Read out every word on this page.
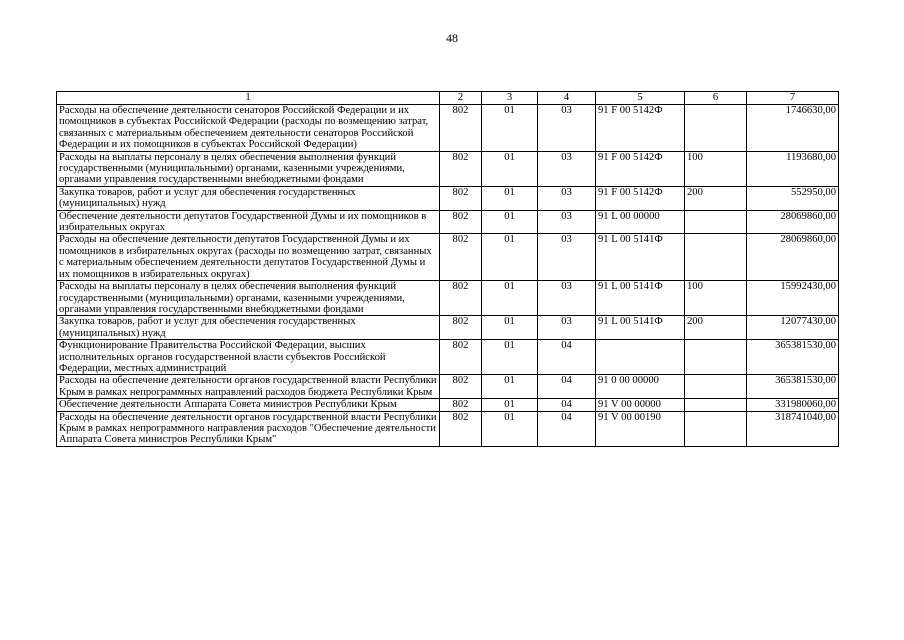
48
1	2	3	4	5	6	7
Расходы на обеспечение деятельности сенаторов Российской Федерации и их помощников в субъектах Российской Федерации (расходы по возмещению затрат, связанных с материальным обеспечением деятельности сенаторов Российской Федерации и их помощников в субъектах Российской Федерации)	802	01	03	91 F 00 5142Ф		1746630,00
Расходы на выплаты персоналу в целях обеспечения выполнения функций государственными (муниципальными) органами, казенными учреждениями, органами управления государственными внебюджетными фондами	802	01	03	91 F 00 5142Ф	100	1193680,00
Закупка товаров, работ и услуг для обеспечения государственных (муниципальных) нужд	802	01	03	91 F 00 5142Ф	200	552950,00
Обеспечение деятельности депутатов Государственной Думы и их помощников в избирательных округах	802	01	03	91 L 00 00000		28069860,00
Расходы на обеспечение деятельности депутатов Государственной Думы и их помощников в избирательных округах (расходы по возмещению затрат, связанных с материальным обеспечением деятельности депутатов Государственной Думы и их помощников в избирательных округах)	802	01	03	91 L 00 5141Ф		28069860,00
Расходы на выплаты персоналу в целях обеспечения выполнения функций государственными (муниципальными) органами, казенными учреждениями, органами управления государственными внебюджетными фондами	802	01	03	91 L 00 5141Ф	100	15992430,00
Закупка товаров, работ и услуг для обеспечения государственных (муниципальных) нужд	802	01	03	91 L 00 5141Ф	200	12077430,00
Функционирование Правительства Российской Федерации, высших исполнительных органов государственной власти субъектов Российской Федерации, местных администраций	802	01	04			365381530,00
Расходы на обеспечение деятельности органов государственной власти Республики Крым в рамках непрограммных направлений расходов бюджета Республики Крым	802	01	04	91 0 00 00000		365381530,00
Обеспечение деятельности Аппарата Совета министров Республики Крым	802	01	04	91 V 00 00000		331980060,00
Расходы на обеспечение деятельности органов государственной власти Республики Крым в рамках непрограммного направления расходов "Обеспечение деятельности Аппарата Совета министров Республики Крым"	802	01	04	91 V 00 00190		318741040,00
